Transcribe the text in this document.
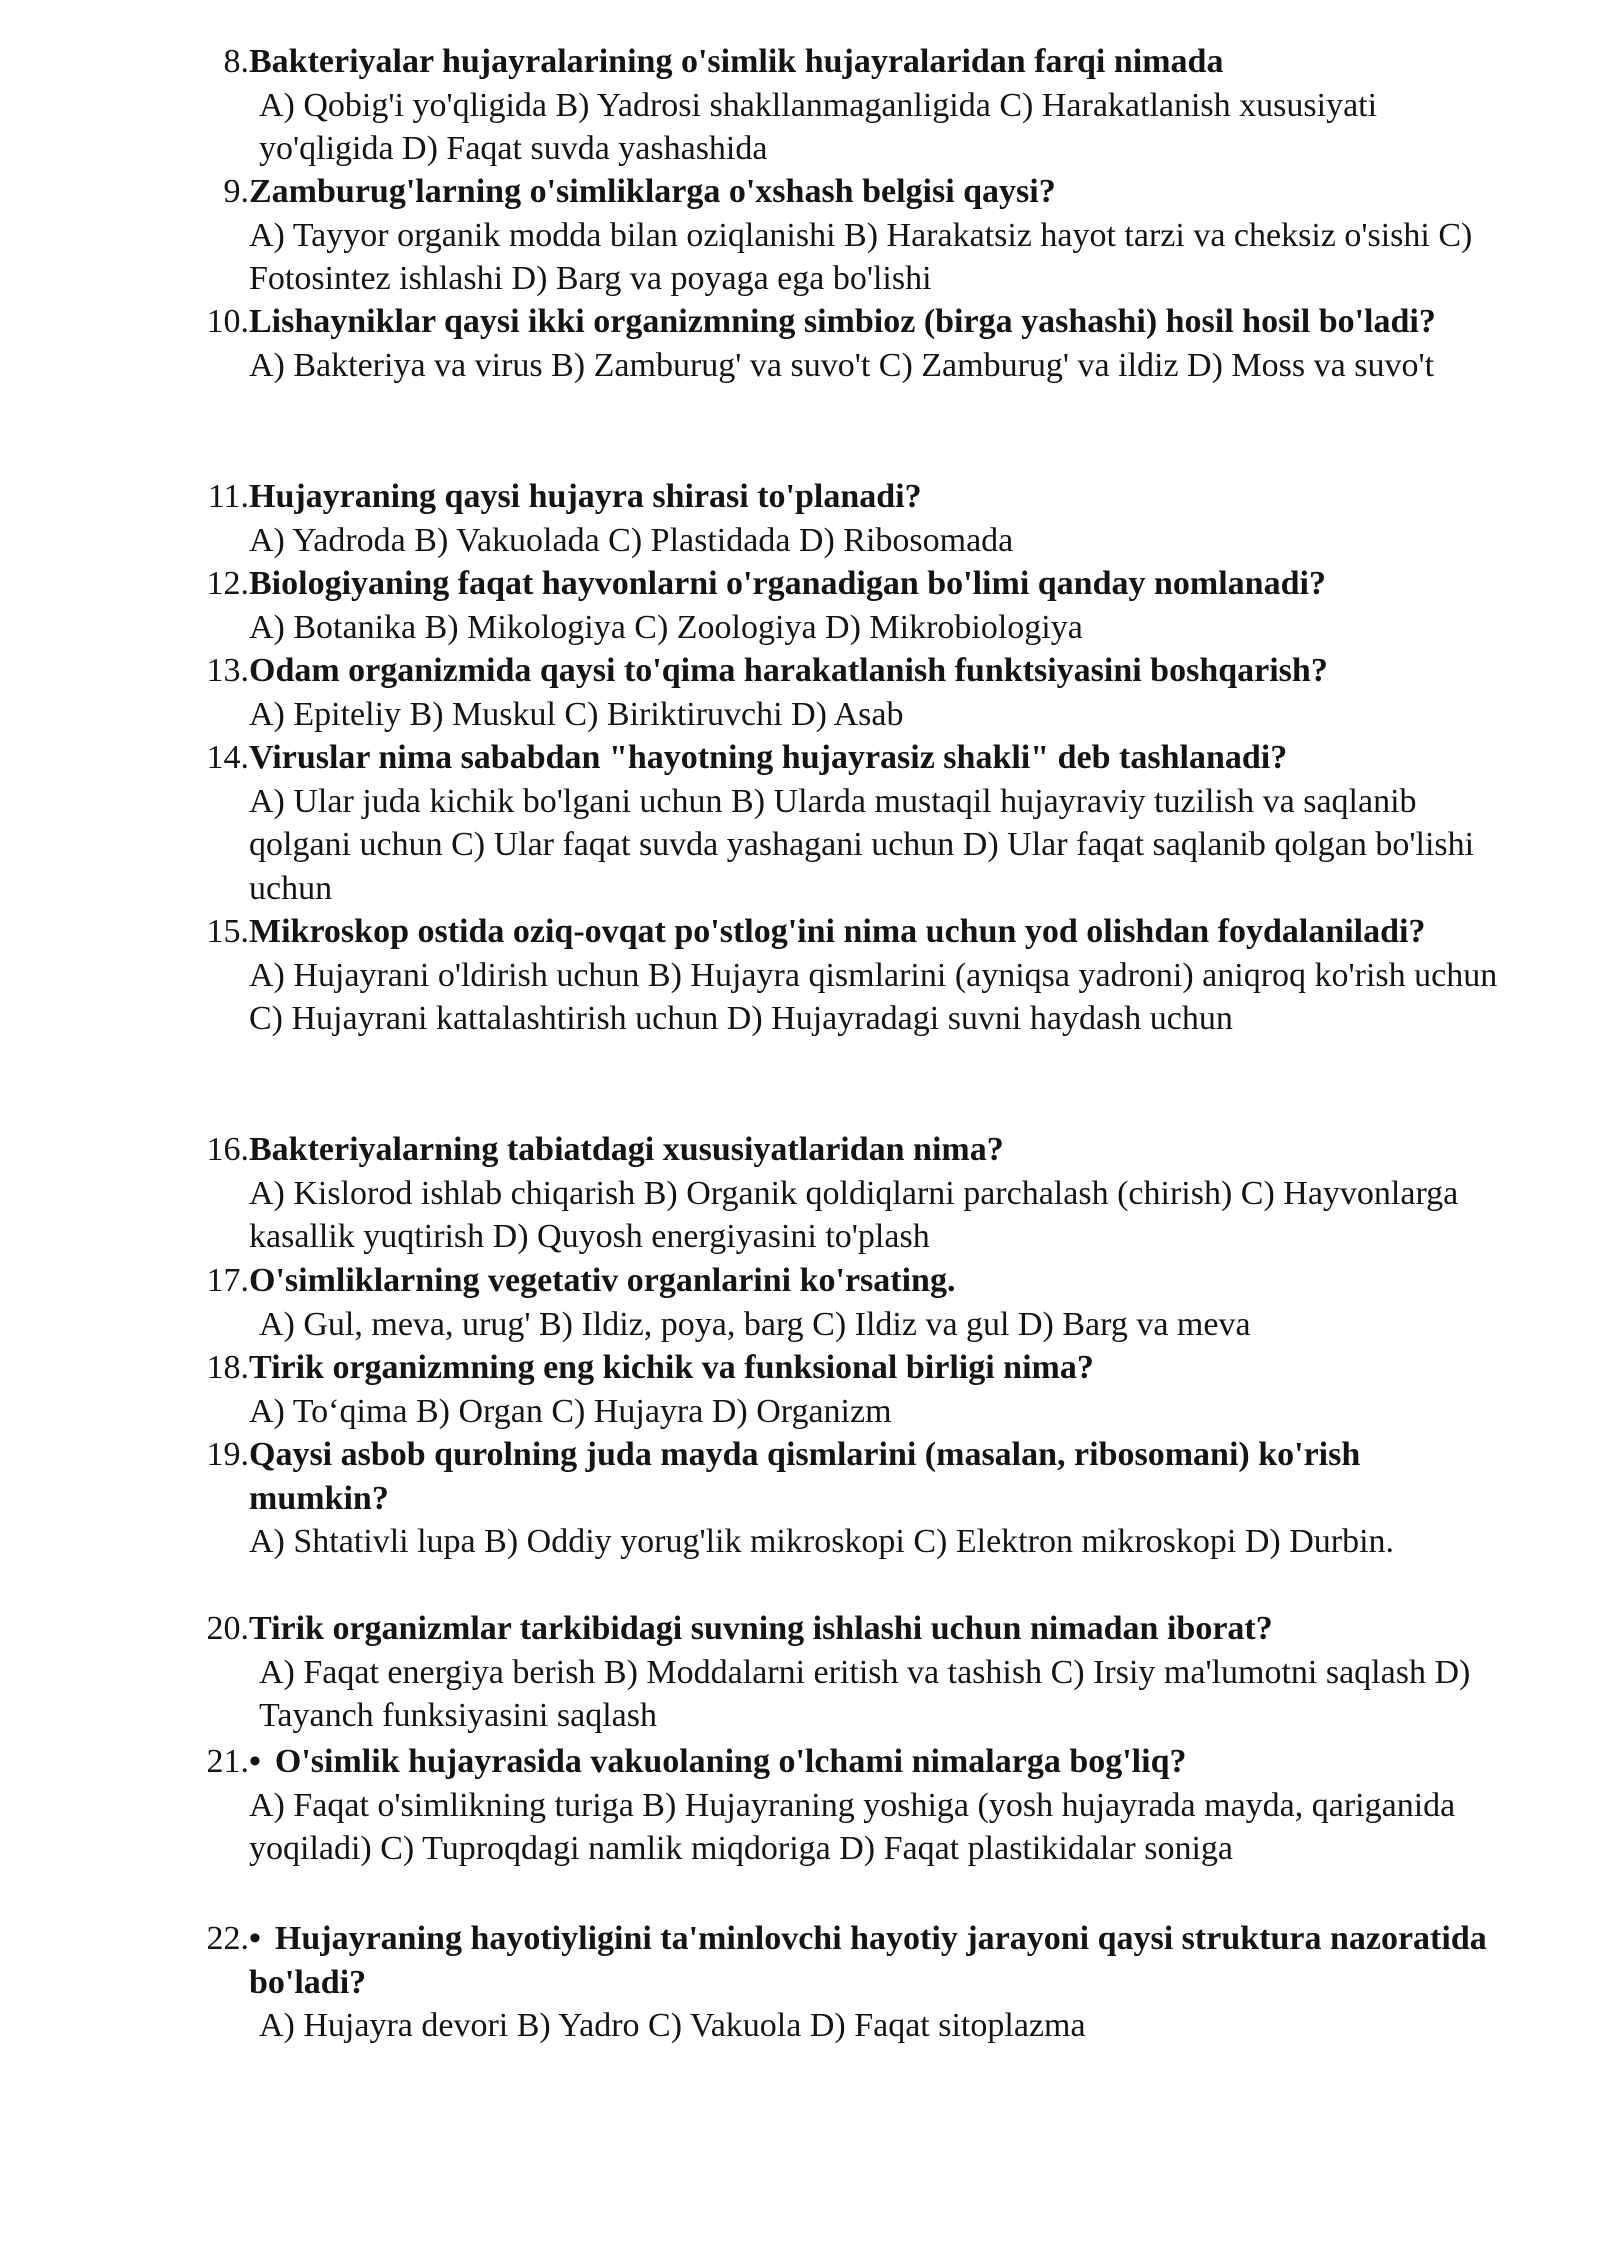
8. Bakteriyalar hujayralarining o'simlik hujayralaridan farqi nimada
A) Qobig'i yo'qligida B) Yadrosi shakllanmaganligida C) Harakatlanish xususiyati yo'qligida D) Faqat suvda yashashida
9. Zamburug'larning o'simliklarga o'xshash belgisi qaysi?
A) Tayyor organik modda bilan oziqlanishi B) Harakatsiz hayot tarzi va cheksiz o'sishi C) Fotosintez ishlashi D) Barg va poyaga ega bo'lishi
10. Lishayniklar qaysi ikki organizmning simbioz (birga yashashi) hosil hosil bo'ladi?
A) Bakteriya va virus B) Zamburug' va suvo't C) Zamburug' va ildiz D) Moss va suvo't
11. Hujayraning qaysi hujayra shirasi to'planadi?
A) Yadroda B) Vakuolada C) Plastidada D) Ribosomada
12. Biologiyaning faqat hayvonlarni o'rganadigan bo'limi qanday nomlanadi?
A) Botanika B) Mikologiya C) Zoologiya D) Mikrobiologiya
13. Odam organizmida qaysi to'qima harakatlanish funktsiyasini boshqarish?
A) Epiteliy B) Muskul C) Biriktiruvchi D) Asab
14. Viruslar nima sababdan "hayotning hujayrasiz shakli" deb tashlanadi?
A) Ular juda kichik bo'lgani uchun B) Ularda mustaqil hujayraviy tuzilish va saqlanib qolgani uchun C) Ular faqat suvda yashagani uchun D) Ular faqat saqlanib qolgan bo'lishi uchun
15. Mikroskop ostida oziq-ovqat po'stlog'ini nima uchun yod olishdan foydalaniladi?
A) Hujayrani o'ldirish uchun B) Hujayra qismlarini (ayniqsa yadroni) aniqroq ko'rish uchun C) Hujayrani kattalashtirish uchun D) Hujayradagi suvni haydash uchun
16. Bakteriyalarning tabiatdagi xususiyatlaridan nima?
A) Kislorod ishlab chiqarish B) Organik qoldiqlarni parchalash (chirish) C) Hayvonlarga kasallik yuqtirish D) Quyosh energiyasini to'plash
17. O'simliklarning vegetativ organlarini ko'rsating.
A) Gul, meva, urug' B) Ildiz, poya, barg C) Ildiz va gul D) Barg va meva
18. Tirik organizmning eng kichik va funksional birligi nima?
A) To‘qima B) Organ C) Hujayra D) Organizm
19. Qaysi asbob qurolning juda mayda qismlarini (masalan, ribosomani) ko'rish mumkin?
A) Shtativli lupa B) Oddiy yorug'lik mikroskopi C) Elektron mikroskopi D) Durbin.
20. Tirik organizmlar tarkibidagi suvning ishlashi uchun nimadan iborat?
A) Faqat energiya berish B) Moddalarni eritish va tashish C) Irsiy ma'lumotni saqlash D) Tayanch funksiyasini saqlash
21. • O'simlik hujayrasida vakuolaning o'lchami nimalarga bog'liq?
A) Faqat o'simlikning turiga B) Hujayraning yoshiga (yosh hujayrada mayda, qariganida yoqiladi) C) Tuproqdagi namlik miqdoriga D) Faqat plastikidalar soniga
22. • Hujayraning hayotiyligini ta'minlovchi hayotiy jarayoni qaysi struktura nazoratida bo'ladi?
A) Hujayra devori B) Yadro C) Vakuola D) Faqat sitoplazma
